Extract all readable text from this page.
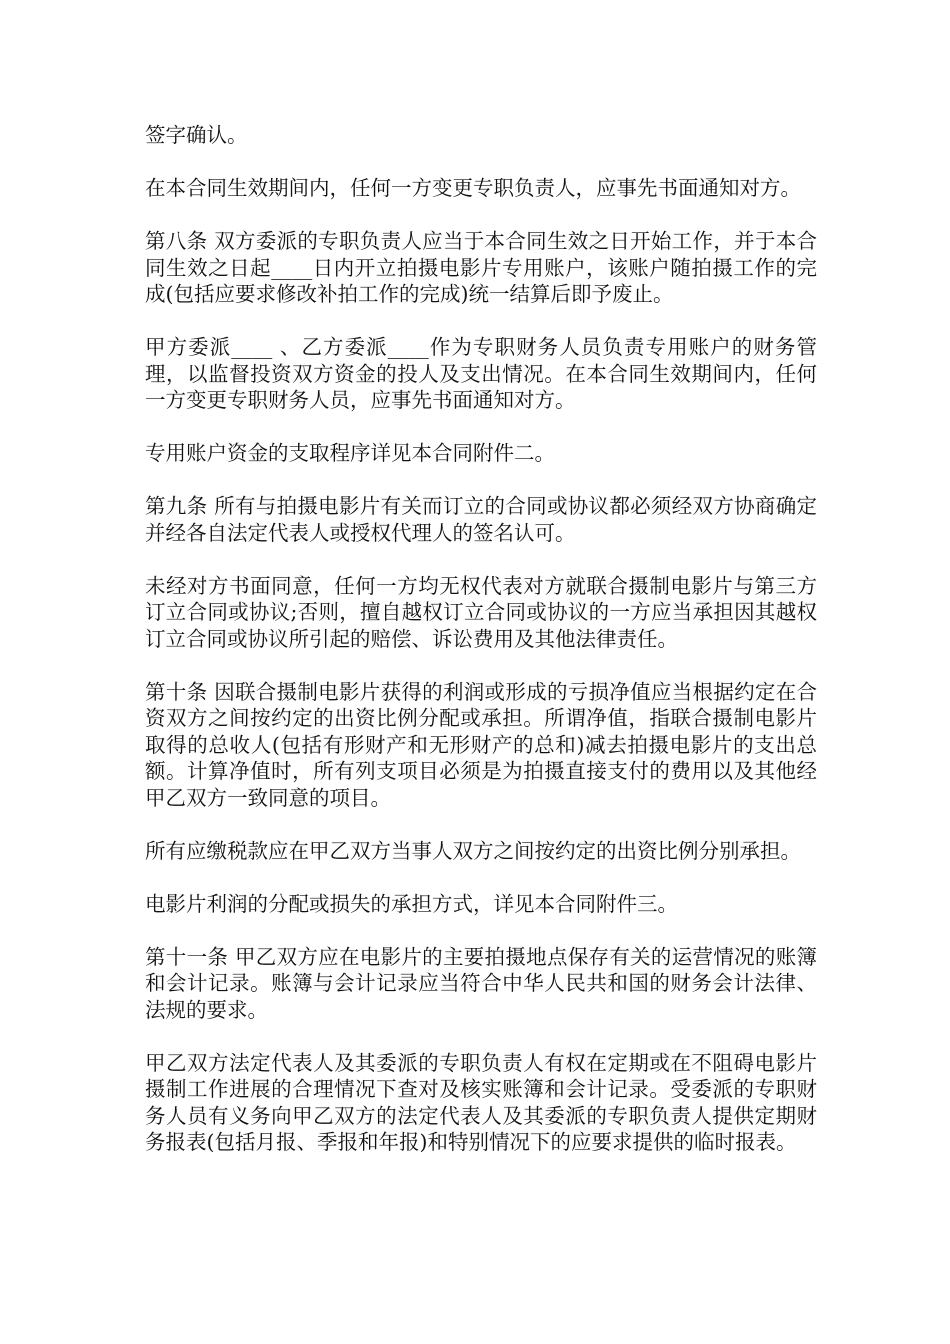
签字确认。

在本合同生效期间内，任何一方变更专职负责人，应事先书面通知对方。

第八条 双方委派的专职负责人应当于本合同生效之日开始工作，并于本合同生效之日起____日内开立拍摄电影片专用账户，该账户随拍摄工作的完成(包括应要求修改补拍工作的完成)统一结算后即予废止。

甲方委派____ 、乙方委派____作为专职财务人员负责专用账户的财务管理，以监督投资双方资金的投人及支出情况。在本合同生效期间内，任何一方变更专职财务人员，应事先书面通知对方。

专用账户资金的支取程序详见本合同附件二。

第九条 所有与拍摄电影片有关而订立的合同或协议都必须经双方协商确定并经各自法定代表人或授权代理人的签名认可。

未经对方书面同意，任何一方均无权代表对方就联合摄制电影片与第三方订立合同或协议;否则，擅自越权订立合同或协议的一方应当承担因其越权订立合同或协议所引起的赔偿、诉讼费用及其他法律责任。

第十条 因联合摄制电影片获得的利润或形成的亏损净值应当根据约定在合资双方之间按约定的出资比例分配或承担。所谓净值，指联合摄制电影片取得的总收人(包括有形财产和无形财产的总和)减去拍摄电影片的支出总额。计算净值时，所有列支项目必须是为拍摄直接支付的费用以及其他经甲乙双方一致同意的项目。

所有应缴税款应在甲乙双方当事人双方之间按约定的出资比例分别承担。

电影片利润的分配或损失的承担方式，详见本合同附件三。

第十一条 甲乙双方应在电影片的主要拍摄地点保存有关的运营情况的账簿和会计记录。账簿与会计记录应当符合中华人民共和国的财务会计法律、法规的要求。

甲乙双方法定代表人及其委派的专职负责人有权在定期或在不阻碍电影片摄制工作进展的合理情况下查对及核实账簿和会计记录。受委派的专职财务人员有义务向甲乙双方的法定代表人及其委派的专职负责人提供定期财务报表(包括月报、季报和年报)和特别情况下的应要求提供的临时报表。
